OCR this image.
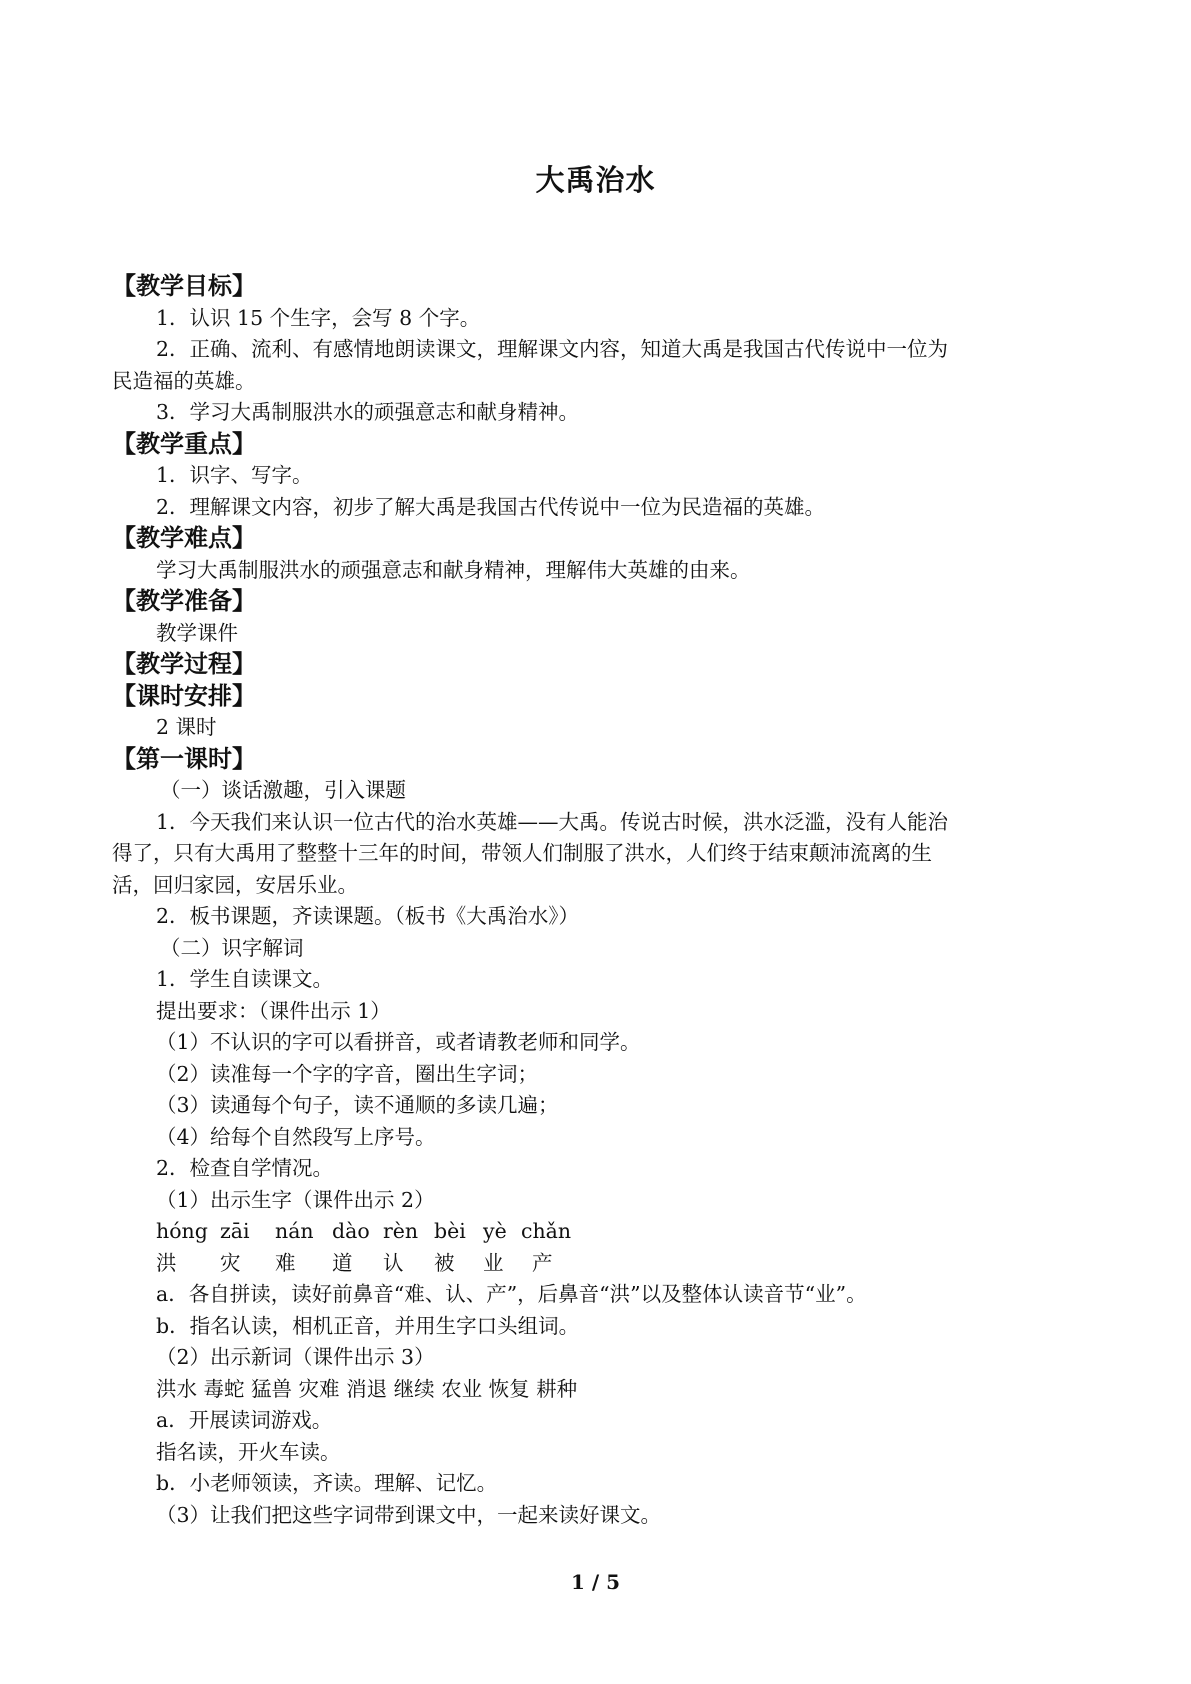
大禹治水
【教学目标】
1．认识 15 个生字，会写 8 个字。
2．正确、流利、有感情地朗读课文，理解课文内容，知道大禹是我国古代传说中一位为
民造福的英雄。
3．学习大禹制服洪水的顽强意志和献身精神。
【教学重点】
1．识字、写字。
2．理解课文内容，初步了解大禹是我国古代传说中一位为民造福的英雄。
【教学难点】
学习大禹制服洪水的顽强意志和献身精神，理解伟大英雄的由来。
【教学准备】
教学课件
【教学过程】
【课时安排】
2 课时
【第一课时】
（一）谈话激趣，引入课题
1．今天我们来认识一位古代的治水英雄——大禹。传说古时候，洪水泛滥，没有人能治
得了，只有大禹用了整整十三年的时间，带领人们制服了洪水，人们终于结束颠沛流离的生
活，回归家园，安居乐业。
2．板书课题，齐读课题。（板书《大禹治水》）
（二）识字解词
1．学生自读课文。
提出要求：（课件出示 1）
（1）不认识的字可以看拼音，或者请教老师和同学。
（2）读准每一个字的字音，圈出生字词；
（3）读通每个句子，读不通顺的多读几遍；
（4）给每个自然段写上序号。
2．检查自学情况。
（1）出示生字（课件出示 2）
hóng zāi nán dào rèn bèi yè chǎn
洪 灾 难 道 认 被 业 产
a．各自拼读，读好前鼻音“难、认、产”，后鼻音“洪”以及整体认读音节“业”。
b．指名认读，相机正音，并用生字口头组词。
（2）出示新词（课件出示 3）
洪水 毒蛇 猛兽 灾难 消退 继续 农业 恢复 耕种
a．开展读词游戏。
指名读，开火车读。
b．小老师领读，齐读。理解、记忆。
（3）让我们把这些字词带到课文中，一起来读好课文。
1 / 5
